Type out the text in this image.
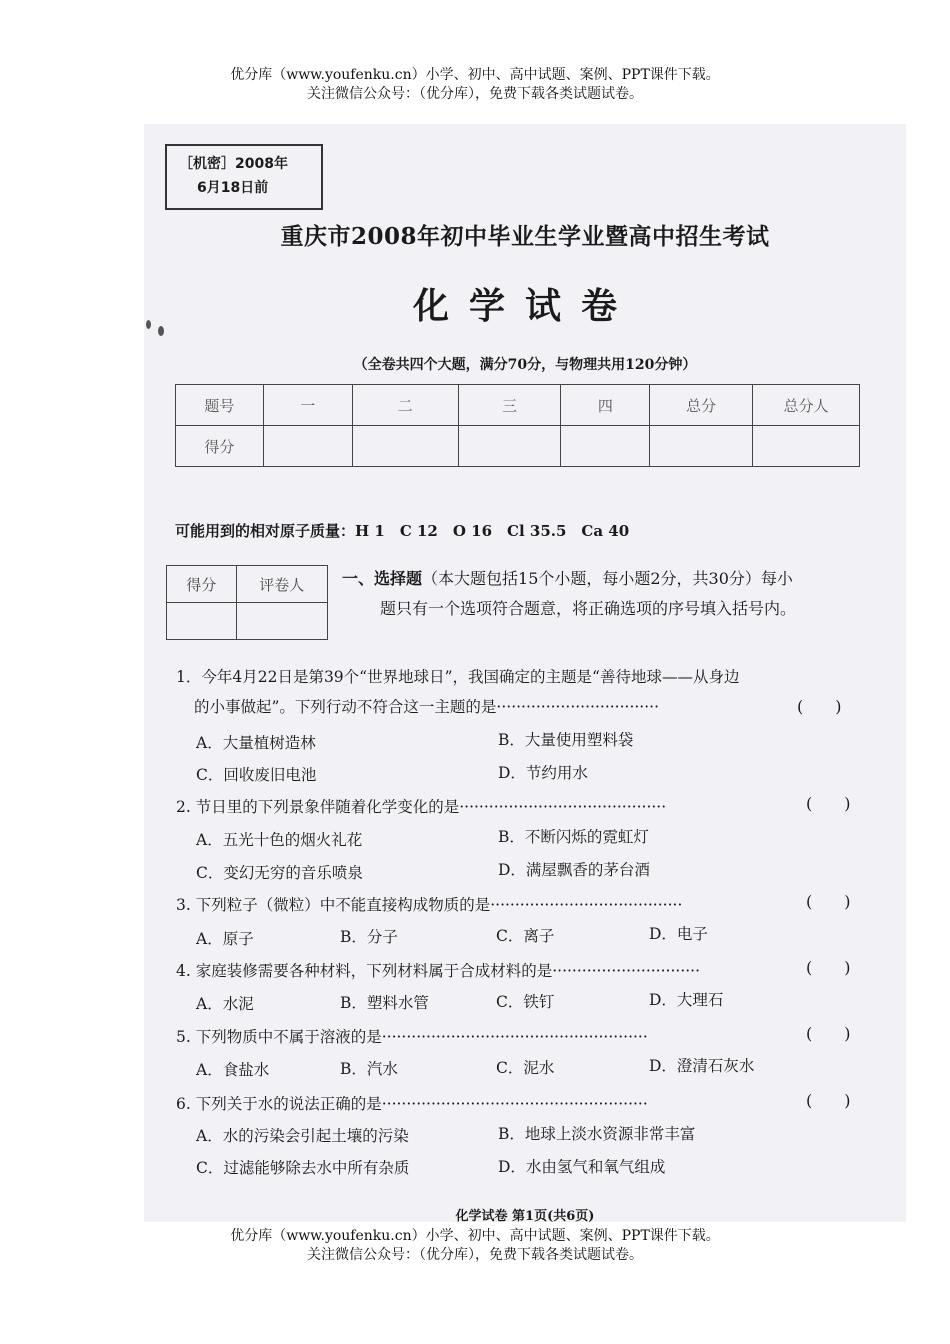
优分库（www.youfenku.cn）小学、初中、高中试题、案例、PPT课件下载。
关注微信公众号：（优分库），免费下载各类试题试卷。
［机密］2008年
6月18日前
重庆市2008年初中毕业生学业暨高中招生考试
化学试卷
（全卷共四个大题，满分70分，与物理共用120分钟）
题号	一	二	三	四	总分	总分人
得分						
可能用到的相对原子质量：H 1　C 12　O 16　Cl 35.5　Ca 40
得分	评卷人
	一、选择题（本大题包括15个小题，每小题2分，共30分）每小
题只有一个选项符合题意，将正确选项的序号填入括号内。
1．今年4月22日是第39个“世界地球日”，我国确定的主题是“善待地球——从身边
的小事做起”。下列行动不符合这一主题的是·································	(　　)
A．大量植树造林	B．大量使用塑料袋
C．回收废旧电池	D．节约用水
2. 节日里的下列景象伴随着化学变化的是··········································	(　　)
A．五光十色的烟火礼花	B．不断闪烁的霓虹灯
C．变幻无穷的音乐喷泉	D．满屋飘香的茅台酒
3. 下列粒子（微粒）中不能直接构成物质的是·······································	(　　)
A．原子	B．分子	C．离子	D．电子
4. 家庭装修需要各种材料，下列材料属于合成材料的是······························	(　　)
A．水泥	B．塑料水管	C．铁钉	D．大理石
5. 下列物质中不属于溶液的是······················································	(　　)
A．食盐水	B．汽水	C．泥水	D．澄清石灰水
6. 下列关于水的说法正确的是······················································	(　　)
A．水的污染会引起土壤的污染	B．地球上淡水资源非常丰富
C．过滤能够除去水中所有杂质	D．水由氢气和氧气组成
化学试卷 第1页(共6页)
优分库（www.youfenku.cn）小学、初中、高中试题、案例、PPT课件下载。
关注微信公众号：（优分库），免费下载各类试题试卷。
